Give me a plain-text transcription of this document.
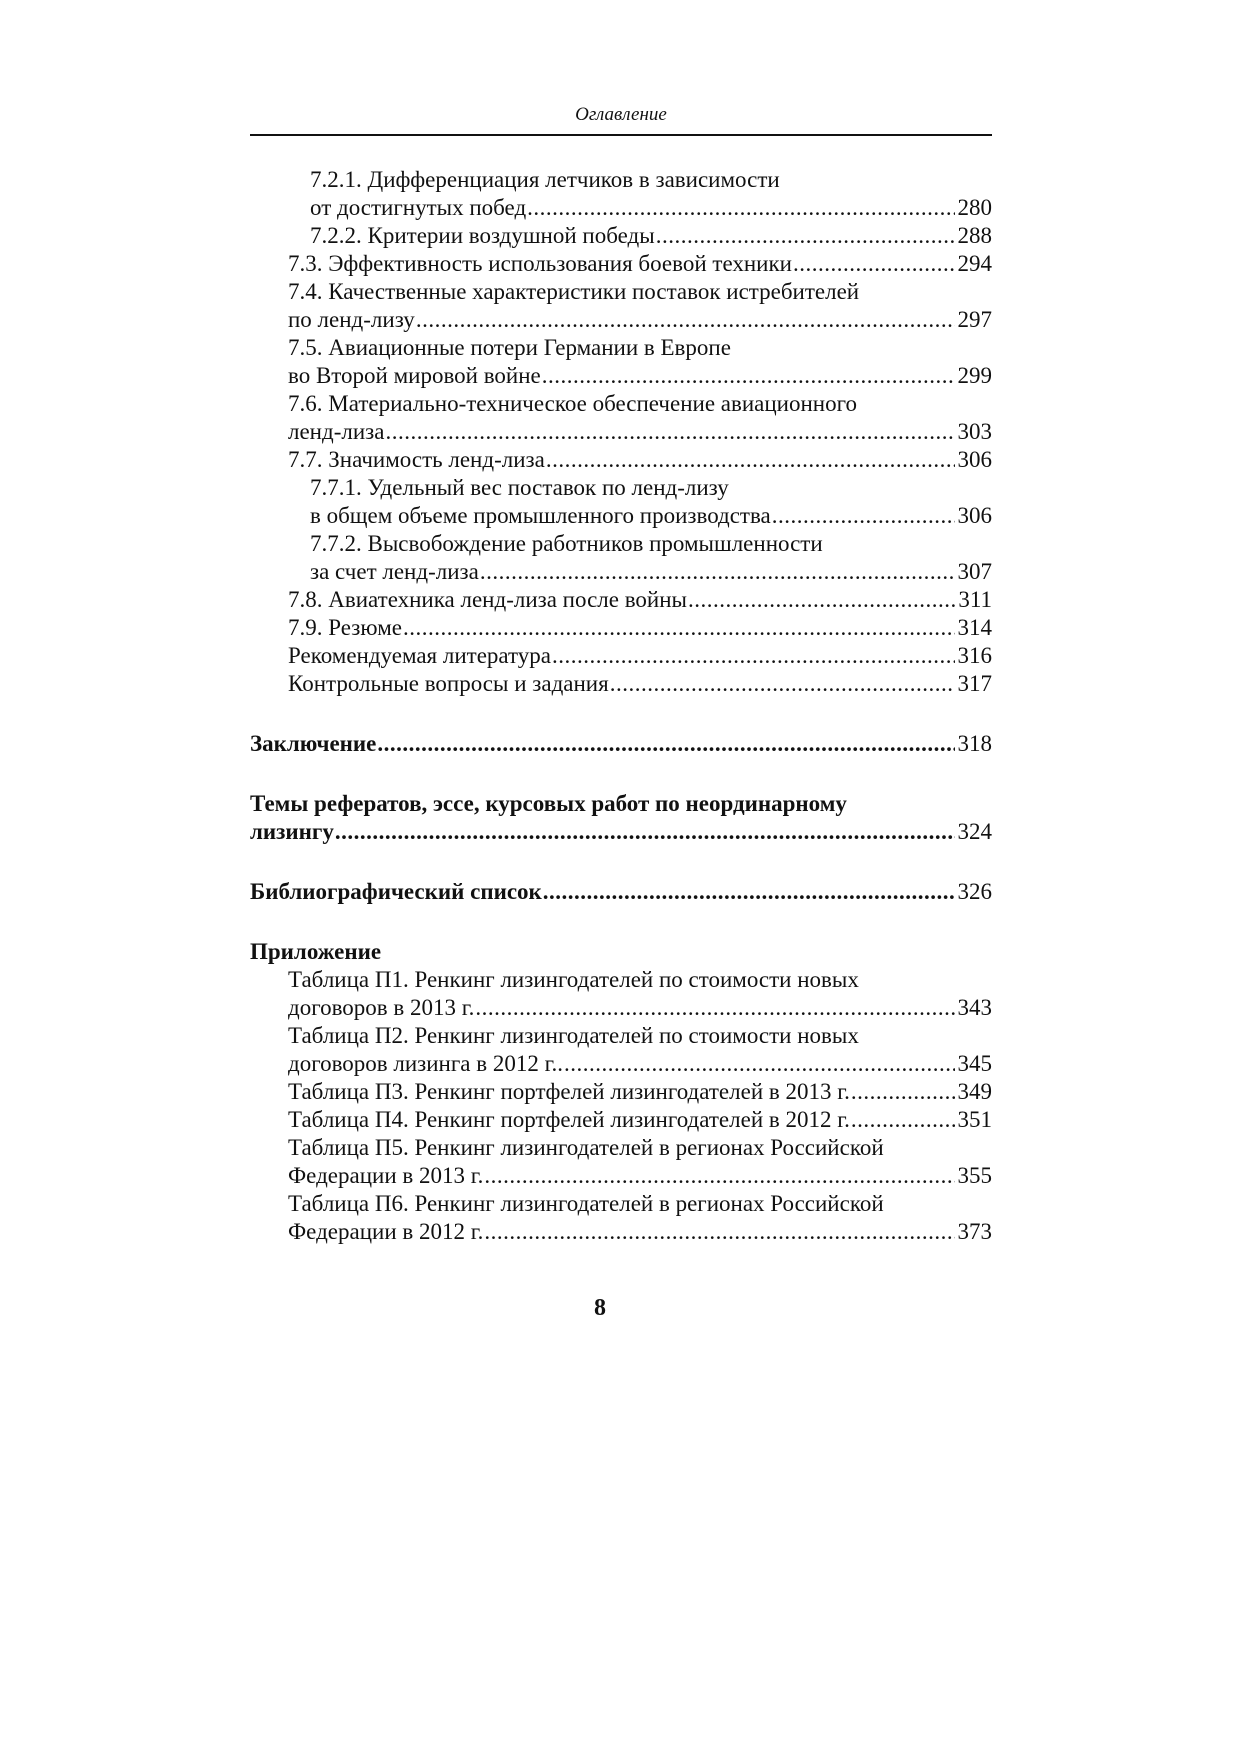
Оглавление
7.2.1. Дифференциация летчиков в зависимости
от достигнутых побед .....	280
7.2.2. Критерии воздушной победы .....	288
7.3. Эффективность использования боевой техники .....	294
7.4. Качественные характеристики поставок истребителей
по ленд-лизу .....	297
7.5. Авиационные потери Германии в Европе
во Второй мировой войне .....	299
7.6. Материально-техническое обеспечение авиационного
ленд-лиза .....	303
7.7. Значимость ленд-лиза .....	306
7.7.1. Удельный вес поставок по ленд-лизу
в общем объеме промышленного производства .....	306
7.7.2. Высвобождение работников промышленности
за счет ленд-лиза .....	307
7.8. Авиатехника ленд-лиза после войны .....	311
7.9. Резюме .....	314
Рекомендуемая литература .....	316
Контрольные вопросы и задания .....	317
Заключение .....	318
Темы рефератов, эссе, курсовых работ по неординарному
лизингу .....	324
Библиографический список .....	326
Приложение
Таблица П1. Ренкинг лизингодателей по стоимости новых
договоров в 2013 г. .....	343
Таблица П2. Ренкинг лизингодателей по стоимости новых
договоров лизинга в 2012 г.. .....	345
Таблица П3. Ренкинг портфелей лизингодателей в 2013 г. .....	349
Таблица П4. Ренкинг портфелей лизингодателей в 2012 г. .....	351
Таблица П5. Ренкинг лизингодателей в регионах Российской
Федерации в 2013 г. .....	355
Таблица П6. Ренкинг лизингодателей в регионах Российской
Федерации в 2012 г. .....	373
8
